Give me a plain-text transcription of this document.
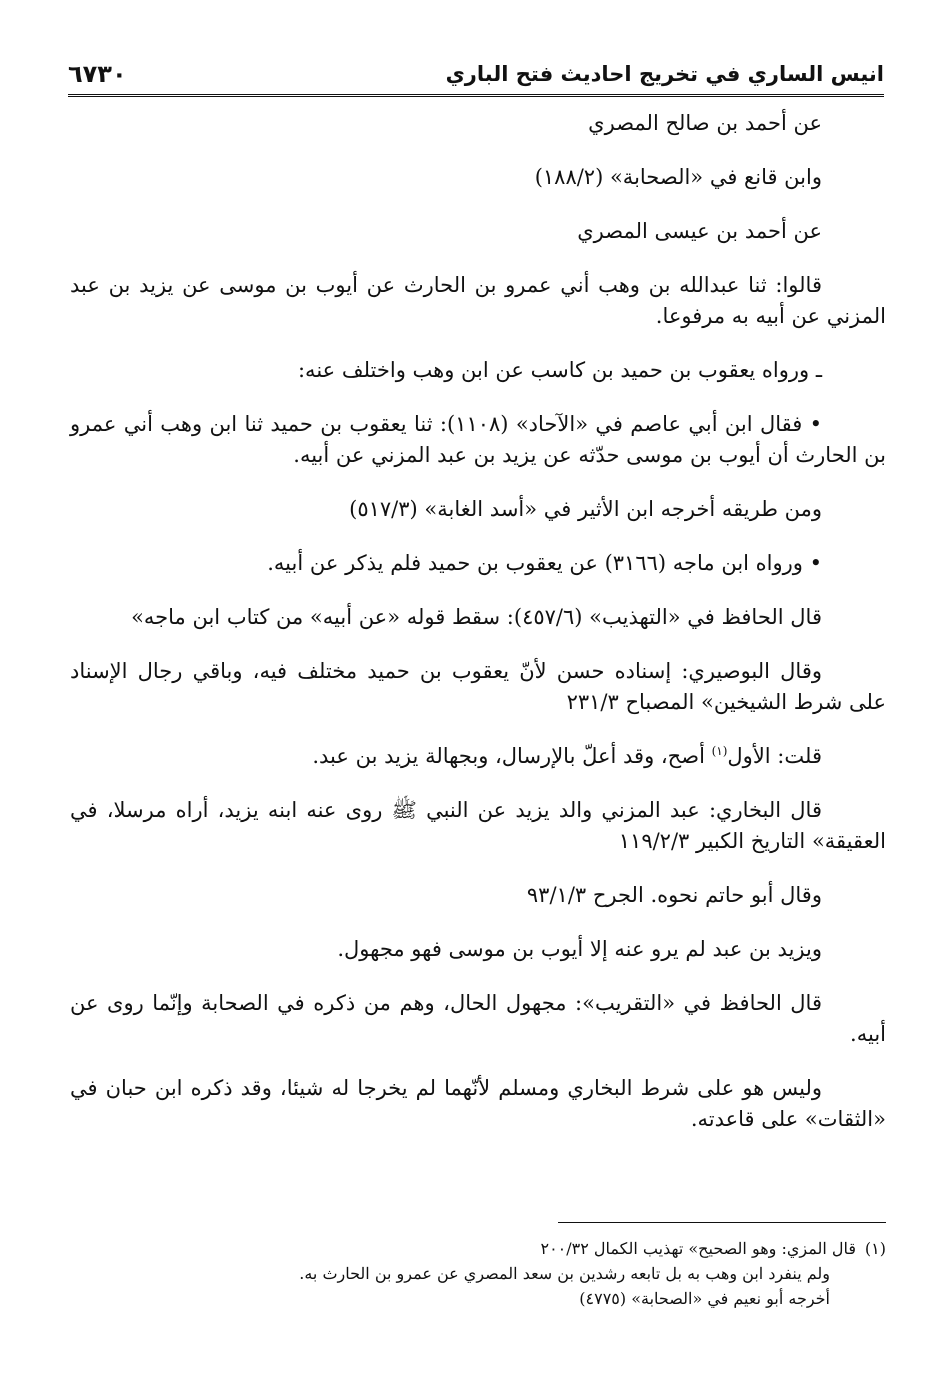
انيس الساري في تخريج احاديث فتح الباري
٦٧٣٠

عن أحمد بن صالح المصري

وابن قانع في «الصحابة» (١٨٨/٢)

عن أحمد بن عيسى المصري

قالوا: ثنا عبدالله بن وهب أني عمرو بن الحارث عن أيوب بن موسى عن يزيد بن عبد المزني عن أبيه به مرفوعا.

ـ ورواه يعقوب بن حميد بن كاسب عن ابن وهب واختلف عنه:

• فقال ابن أبي عاصم في «الآحاد» (١١٠٨): ثنا يعقوب بن حميد ثنا ابن وهب أني عمرو بن الحارث أن أيوب بن موسى حدّثه عن يزيد بن عبد المزني عن أبيه.

ومن طريقه أخرجه ابن الأثير في «أسد الغابة» (٥١٧/٣)

• ورواه ابن ماجه (٣١٦٦) عن يعقوب بن حميد فلم يذكر عن أبيه.

قال الحافظ في «التهذيب» (٤٥٧/٦): سقط قوله «عن أبيه» من كتاب ابن ماجه»

وقال البوصيري: إسناده حسن لأنّ يعقوب بن حميد مختلف فيه، وباقي رجال الإسناد على شرط الشيخين» المصباح ٢٣١/٣

قلت: الأول$^{(١)}$ أصح، وقد أعلّ بالإرسال، وبجهالة يزيد بن عبد.

قال البخاري: عبد المزني والد يزيد عن النبي ﷺ روى عنه ابنه يزيد، أراه مرسلا، في العقيقة» التاريخ الكبير ١١٩/٢/٣

وقال أبو حاتم نحوه. الجرح ٩٣/١/٣

ويزيد بن عبد لم يرو عنه إلا أيوب بن موسى فهو مجهول.

قال الحافظ في «التقريب»: مجهول الحال، وهم من ذكره في الصحابة وإنّما روى عن أبيه.

وليس هو على شرط البخاري ومسلم لأنّهما لم يخرجا له شيئا، وقد ذكره ابن حبان في «الثقات» على قاعدته.

(١)قال المزي: وهو الصحيح» تهذيب الكمال ٢٠٠/٣٢

ولم ينفرد ابن وهب به بل تابعه رشدين بن سعد المصري عن عمرو بن الحارث به.

أخرجه أبو نعيم في «الصحابة» (٤٧٧٥)
